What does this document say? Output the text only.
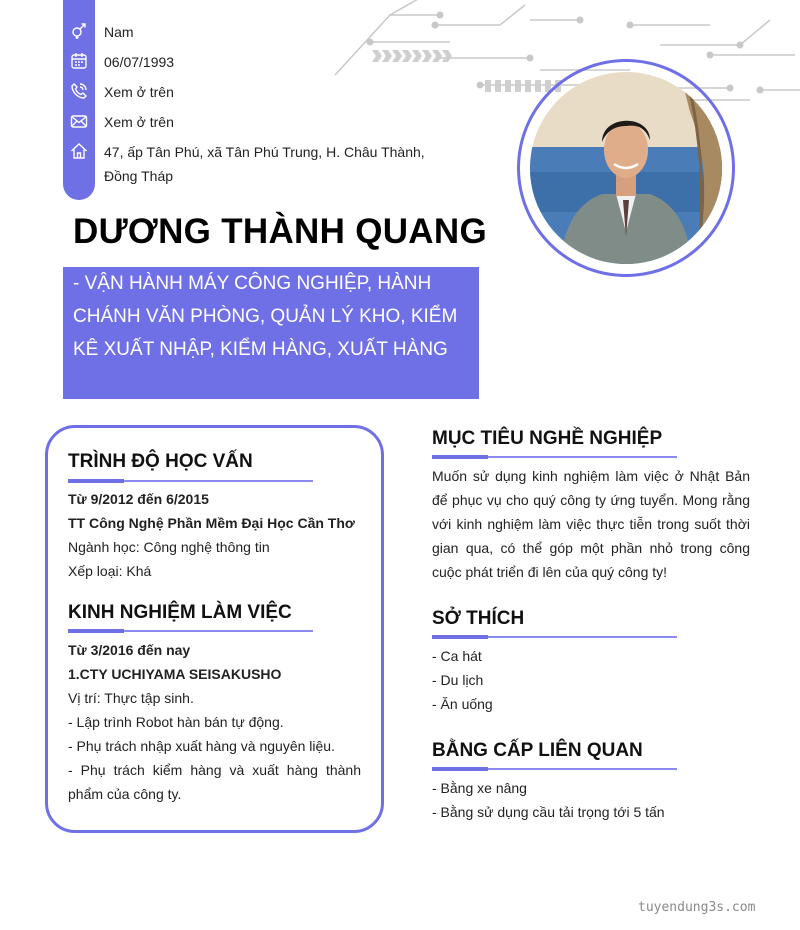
Nam
06/07/1993
Xem ở trên
Xem ở trên
47, ấp Tân Phú, xã Tân Phú Trung, H. Châu Thành, Đồng Tháp
DƯƠNG THÀNH QUANG
- VẬN HÀNH MÁY CÔNG NGHIỆP, HÀNH CHÁNH VĂN PHÒNG, QUẢN LÝ KHO, KIỂM KÊ XUẤT NHẬP, KIỂM HÀNG, XUẤT HÀNG
TRÌNH ĐỘ HỌC VẤN
Từ 9/2012 đến 6/2015
TT Công Nghệ Phần Mềm Đại Học Cần Thơ
Ngành học: Công nghệ thông tin
Xếp loại: Khá
KINH NGHIỆM LÀM VIỆC
Từ 3/2016 đến nay
1.CTY UCHIYAMA SEISAKUSHO
Vị trí: Thực tập sinh.
- Lập trình Robot hàn bán tự động.
- Phụ trách nhập xuất hàng và nguyên liệu.
- Phụ trách kiểm hàng và xuất hàng thành phẩm của công ty.
MỤC TIÊU NGHỀ NGHIỆP
Muốn sử dụng kinh nghiệm làm việc ở Nhật Bản để phục vụ cho quý công ty ứng tuyển. Mong rằng với kinh nghiệm làm việc thực tiễn trong suốt thời gian qua, có thể góp một phần nhỏ trong công cuộc phát triển đi lên của quý công ty!
SỞ THÍCH
- Ca hát
- Du lịch
- Ăn uống
BẰNG CẤP LIÊN QUAN
- Bằng xe nâng
- Bằng sử dụng cầu tải trọng tới 5 tấn
tuyendung3s.com
